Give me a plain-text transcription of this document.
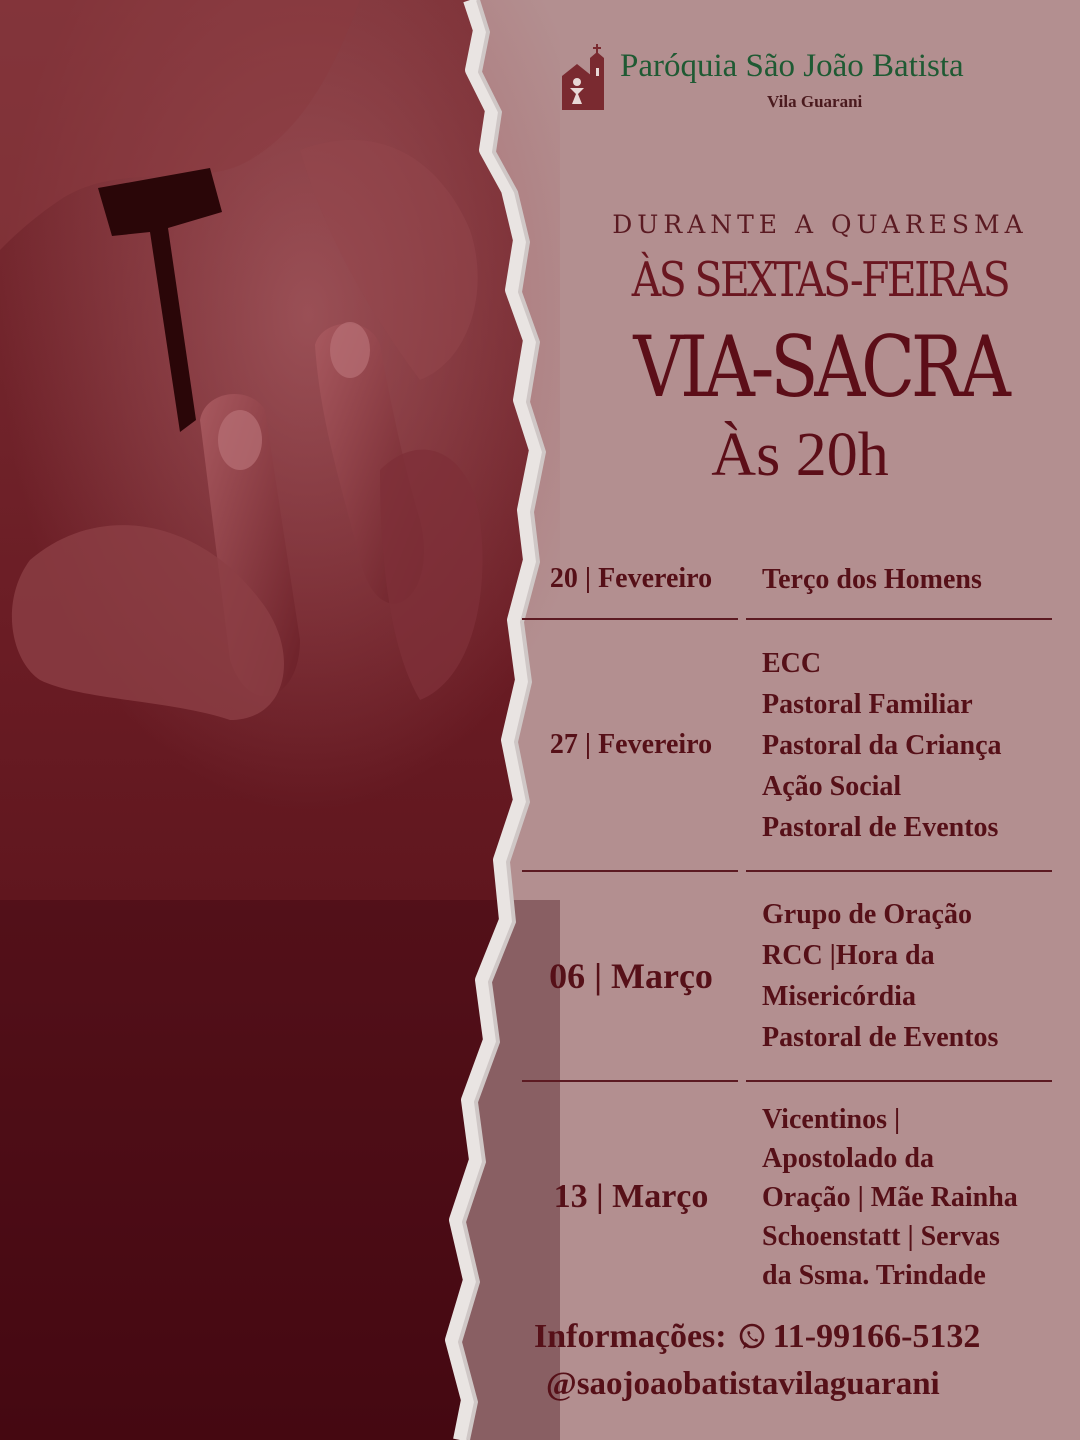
Paróquia São João Batista
Vila Guarani
DURANTE A QUARESMA
ÀS SEXTAS-FEIRAS
VIA-SACRA
Às 20h
20 | Fevereiro	Terço dos Homens
27 | Fevereiro
ECC
Pastoral Familiar
Pastoral da Criança
Ação Social
Pastoral de Eventos
06 | Março
Grupo de Oração
RCC |Hora da
Misericórdia
Pastoral de Eventos
13 | Março
Vicentinos |
Apostolado da
Oração | Mãe Rainha
Schoenstatt | Servas
da Ssma. Trindade
Informações: 11-99166-5132
@saojoaobatistavilaguarani
